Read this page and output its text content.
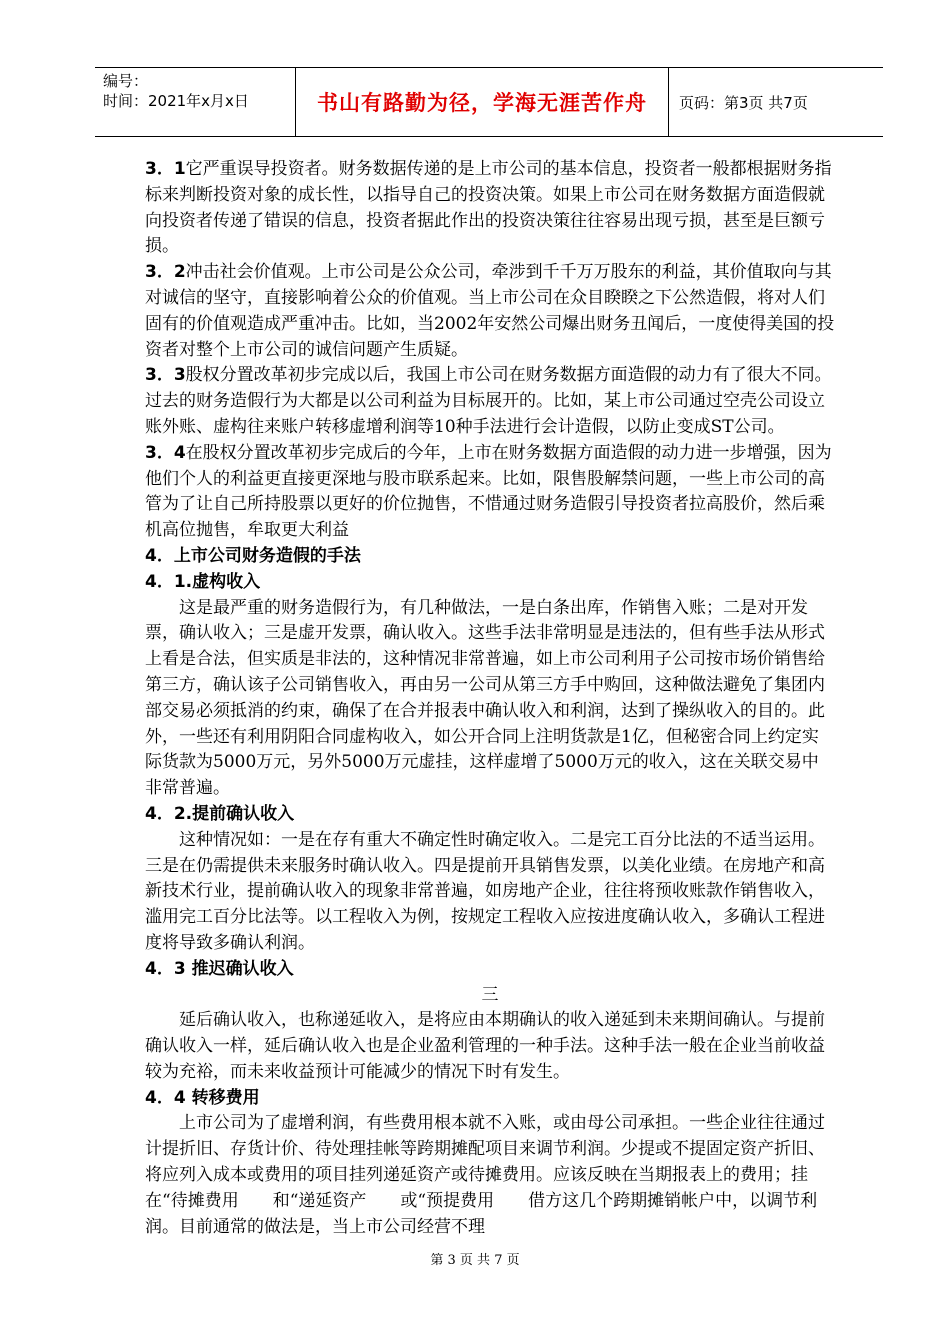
编号：
时间：2021年x月x日	书山有路勤为径，学海无涯苦作舟	页码：第3页 共7页

3．1它严重误导投资者。财务数据传递的是上市公司的基本信息，投资者一般都根据财务指标来判断投资对象的成长性，以指导自己的投资决策。如果上市公司在财务数据方面造假就向投资者传递了错误的信息，投资者据此作出的投资决策往往容易出现亏损，甚至是巨额亏损。

3．2冲击社会价值观。上市公司是公众公司，牵涉到千千万万股东的利益，其价值取向与其对诚信的坚守，直接影响着公众的价值观。当上市公司在众目睽睽之下公然造假，将对人们固有的价值观造成严重冲击。比如，当2002年安然公司爆出财务丑闻后，一度使得美国的投资者对整个上市公司的诚信问题产生质疑。

3．3股权分置改革初步完成以后，我国上市公司在财务数据方面造假的动力有了很大不同。过去的财务造假行为大都是以公司利益为目标展开的。比如，某上市公司通过空壳公司设立账外账、虚构往来账户转移虚增利润等10种手法进行会计造假，以防止变成ST公司。

3．4在股权分置改革初步完成后的今年，上市在财务数据方面造假的动力进一步增强，因为他们个人的利益更直接更深地与股市联系起来。比如，限售股解禁问题，一些上市公司的高管为了让自己所持股票以更好的价位抛售，不惜通过财务造假引导投资者拉高股价，然后乘机高位抛售，牟取更大利益

4．上市公司财务造假的手法

4．1.虚构收入

这是最严重的财务造假行为，有几种做法，一是白条出库，作销售入账；二是对开发票，确认收入；三是虚开发票，确认收入。这些手法非常明显是违法的，但有些手法从形式上看是合法，但实质是非法的，这种情况非常普遍，如上市公司利用子公司按市场价销售给第三方，确认该子公司销售收入，再由另一公司从第三方手中购回，这种做法避免了集团内部交易必须抵消的约束，确保了在合并报表中确认收入和利润，达到了操纵收入的目的。此外，一些还有利用阴阳合同虚构收入，如公开合同上注明货款是1亿，但秘密合同上约定实际货款为5000万元，另外5000万元虚挂，这样虚增了5000万元的收入，这在关联交易中非常普遍。

4．2.提前确认收入

这种情况如：一是在存有重大不确定性时确定收入。二是完工百分比法的不适当运用。三是在仍需提供未来服务时确认收入。四是提前开具销售发票，以美化业绩。在房地产和高新技术行业，提前确认收入的现象非常普遍，如房地产企业，往往将预收账款作销售收入，滥用完工百分比法等。以工程收入为例，按规定工程收入应按进度确认收入，多确认工程进度将导致多确认利润。

4．3 推迟确认收入

三

延后确认收入，也称递延收入，是将应由本期确认的收入递延到未来期间确认。与提前确认收入一样，延后确认收入也是企业盈利管理的一种手法。这种手法一般在企业当前收益较为充裕，而未来收益预计可能减少的情况下时有发生。

4．4 转移费用

上市公司为了虚增利润，有些费用根本就不入账，或由母公司承担。一些企业往往通过计提折旧、存货计价、待处理挂帐等跨期摊配项目来调节利润。少提或不提固定资产折旧、将应列入成本或费用的项目挂列递延资产或待摊费用。应该反映在当期报表上的费用；挂在“待摊费用　　和“递延资产　　或“预提费用　　借方这几个跨期摊销帐户中，以调节利润。目前通常的做法是，当上市公司经营不理

第 3 页 共 7 页
